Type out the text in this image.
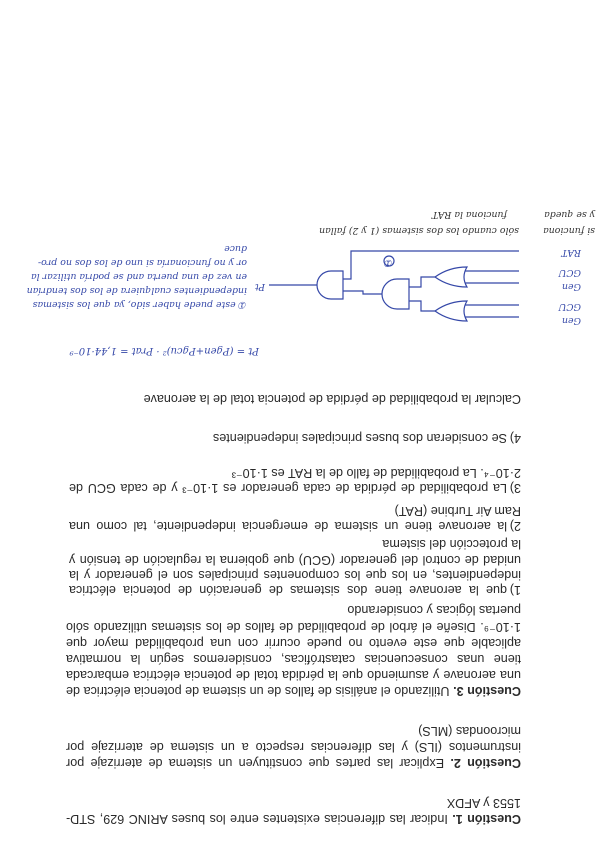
Cuestión 1. Indicar las diferencias existentes entre los buses ARINC 629, STD-1553 y AFDX

Cuestión 2. Explicar las partes que constituyen un sistema de aterrizaje por instrumentos (ILS) y las diferencias respecto a un sistema de aterrizaje por microondas (MLS)

Cuestión 3. Utilizando el análisis de fallos de un sistema de potencia eléctrica de una aeronave y asumiendo que la pérdida total de potencia eléctrica embarcada tiene unas consecuencias catastróficas, consideremos según la normativa aplicable que este evento no puede ocurrir con una probabilidad mayor que 1·10⁻⁹. Diseñe el árbol de probabilidad de fallos de los sistemas utilizando sólo puertas lógicas y considerando

1)que la aeronave tiene dos sistemas de generación de potencia eléctrica independientes, en los que los componentes principales son el generador y la unidad de control del generador (GCU) que gobierna la regulación de tensión y la protección del sistema

2)la aeronave tiene un sistema de emergencia independiente, tal como una Ram Air Turbine (RAT)

3)La probabilidad de pérdida de cada generador es 1·10⁻³ y de cada GCU de 2·10⁻⁴. La probabilidad de fallo de la RAT es 1·10⁻³

4)Se consideran dos buses principales independientes

Calcular la probabilidad de pérdida de potencia total de la aeronave

Pt = (Pgen+Pgcu)² · Prat = 1,44·10⁻⁹
Gen
GCU
Gen
GCU
RAT
Pt
①
① este puede haber sido, ya que los sistemas
independientes cualquiera de los dos tendrían
en vez de una puerta and se podría utilizar la
or y no funcionaría si uno de los dos no pro-
duce
si funciona
sólo cuando los dos sistemas (1 y 2) fallan
y se queda
funciona la RAT
